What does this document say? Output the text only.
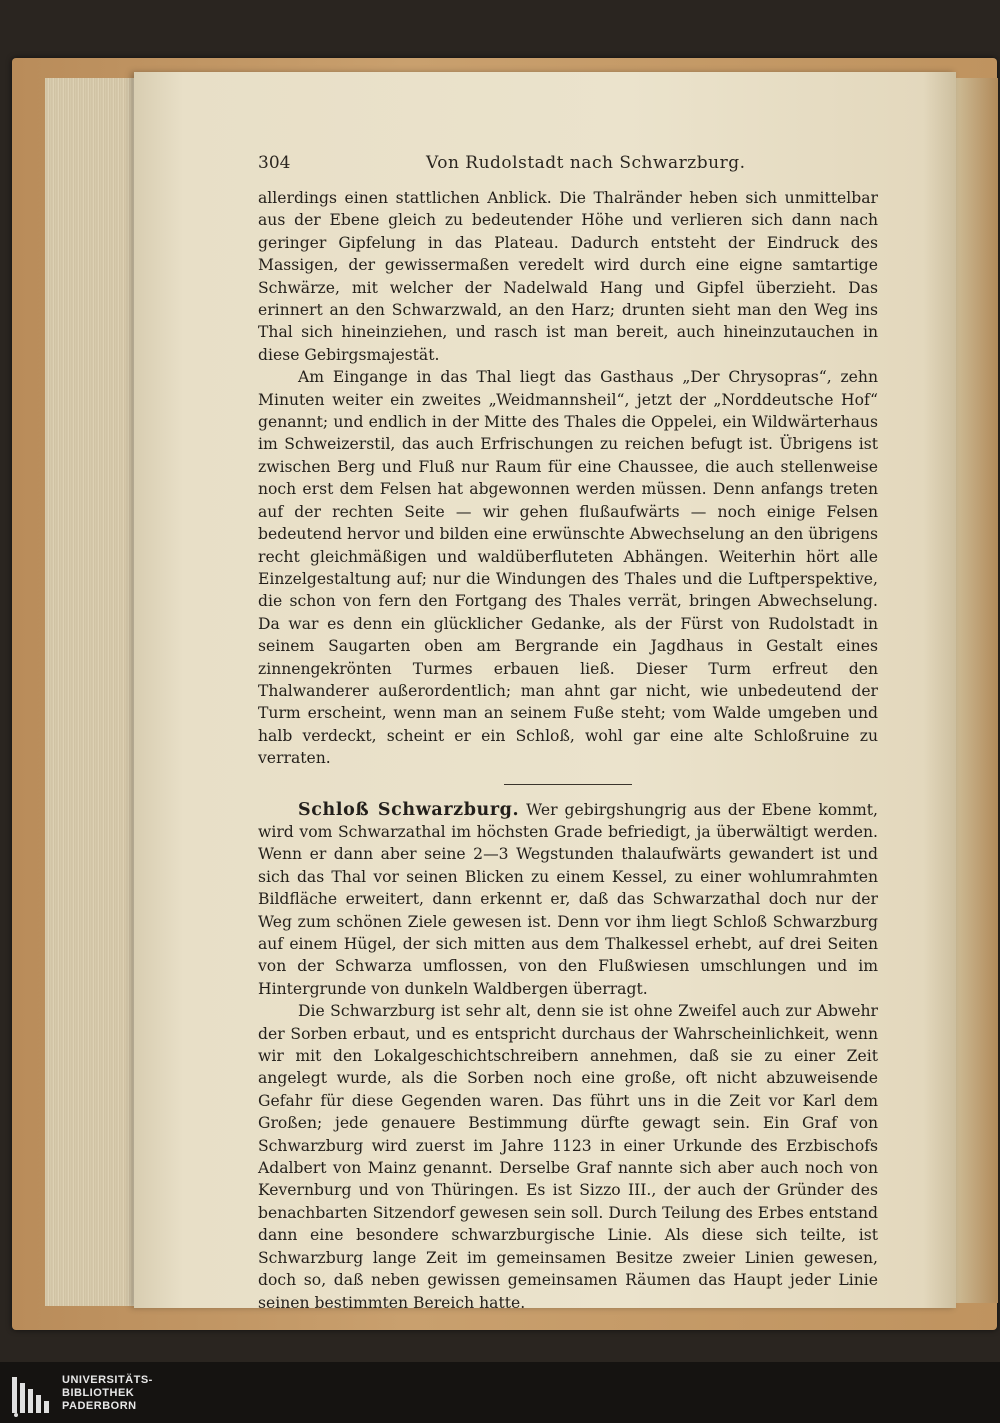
304	Von Rudolstadt nach Schwarzburg.

allerdings einen stattlichen Anblick. Die Thalränder heben sich unmittelbar aus der Ebene gleich zu bedeutender Höhe und verlieren sich dann nach geringer Gipfelung in das Plateau. Dadurch entsteht der Eindruck des Massigen, der gewissermaßen veredelt wird durch eine eigne samtartige Schwärze, mit welcher der Nadelwald Hang und Gipfel überzieht. Das erinnert an den Schwarzwald, an den Harz; drunten sieht man den Weg ins Thal sich hineinziehen, und rasch ist man bereit, auch hineinzutauchen in diese Gebirgsmajestät.

Am Eingange in das Thal liegt das Gasthaus „Der Chrysopras“, zehn Minuten weiter ein zweites „Weidmannsheil“, jetzt der „Norddeutsche Hof“ genannt; und endlich in der Mitte des Thales die Oppelei, ein Wildwärterhaus im Schweizerstil, das auch Erfrischungen zu reichen befugt ist. Übrigens ist zwischen Berg und Fluß nur Raum für eine Chaussee, die auch stellenweise noch erst dem Felsen hat abgewonnen werden müssen. Denn anfangs treten auf der rechten Seite — wir gehen flußaufwärts — noch einige Felsen bedeutend hervor und bilden eine erwünschte Abwechselung an den übrigens recht gleichmäßigen und waldüberfluteten Abhängen. Weiterhin hört alle Einzelgestaltung auf; nur die Windungen des Thales und die Luftperspektive, die schon von fern den Fortgang des Thales verrät, bringen Abwechselung. Da war es denn ein glücklicher Gedanke, als der Fürst von Rudolstadt in seinem Saugarten oben am Bergrande ein Jagdhaus in Gestalt eines zinnengekrönten Turmes erbauen ließ. Dieser Turm erfreut den Thalwanderer außerordentlich; man ahnt gar nicht, wie unbedeutend der Turm erscheint, wenn man an seinem Fuße steht; vom Walde umgeben und halb verdeckt, scheint er ein Schloß, wohl gar eine alte Schloßruine zu verraten.

Schloß Schwarzburg. Wer gebirgshungrig aus der Ebene kommt, wird vom Schwarzathal im höchsten Grade befriedigt, ja überwältigt werden. Wenn er dann aber seine 2—3 Wegstunden thalaufwärts gewandert ist und sich das Thal vor seinen Blicken zu einem Kessel, zu einer wohlumrahmten Bildfläche erweitert, dann erkennt er, daß das Schwarzathal doch nur der Weg zum schönen Ziele gewesen ist. Denn vor ihm liegt Schloß Schwarzburg auf einem Hügel, der sich mitten aus dem Thalkessel erhebt, auf drei Seiten von der Schwarza umflossen, von den Flußwiesen umschlungen und im Hintergrunde von dunkeln Waldbergen überragt.

Die Schwarzburg ist sehr alt, denn sie ist ohne Zweifel auch zur Abwehr der Sorben erbaut, und es entspricht durchaus der Wahrscheinlichkeit, wenn wir mit den Lokalgeschichtschreibern annehmen, daß sie zu einer Zeit angelegt wurde, als die Sorben noch eine große, oft nicht abzuweisende Gefahr für diese Gegenden waren. Das führt uns in die Zeit vor Karl dem Großen; jede genauere Bestimmung dürfte gewagt sein. Ein Graf von Schwarzburg wird zuerst im Jahre 1123 in einer Urkunde des Erzbischofs Adalbert von Mainz genannt. Derselbe Graf nannte sich aber auch noch von Kevernburg und von Thüringen. Es ist Sizzo III., der auch der Gründer des benachbarten Sitzendorf gewesen sein soll. Durch Teilung des Erbes entstand dann eine besondere schwarzburgische Linie. Als diese sich teilte, ist Schwarzburg lange Zeit im gemeinsamen Besitze zweier Linien gewesen, doch so, daß neben gewissen gemeinsamen Räumen das Haupt jeder Linie seinen bestimmten Bereich hatte.

UNIVERSITÄTS-
BIBLIOTHEK
PADERBORN
